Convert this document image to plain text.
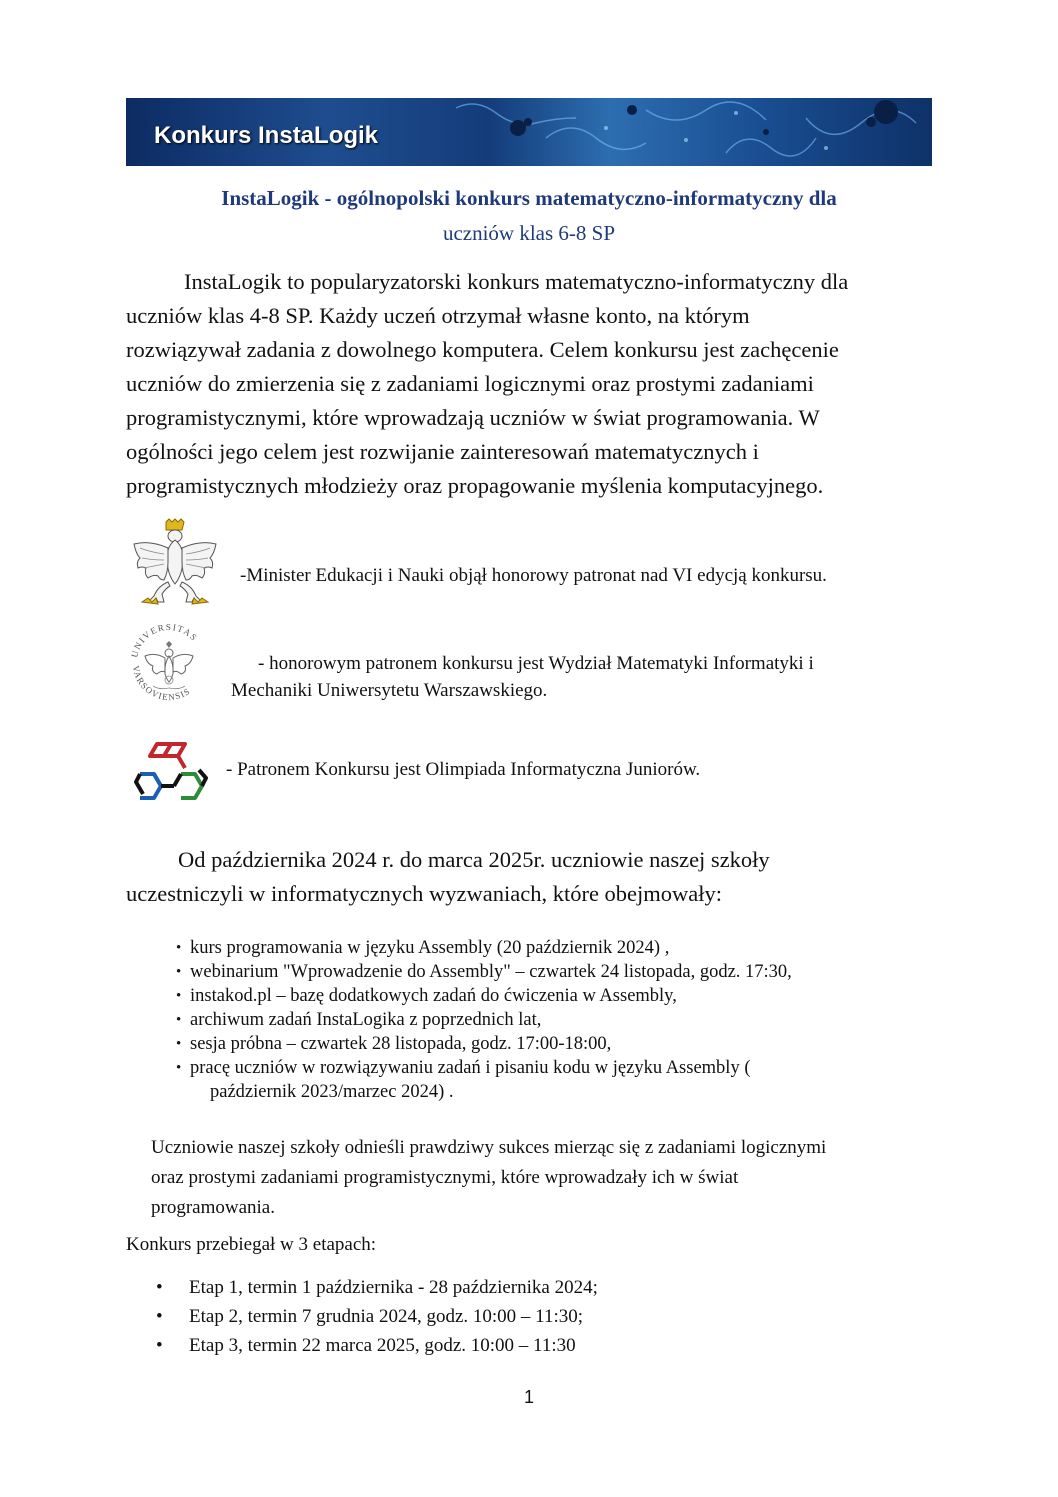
Konkurs InstaLogik
InstaLogik - ogólnopolski konkurs matematyczno-informatyczny dla
uczniów klas 6-8 SP
InstaLogik to popularyzatorski konkurs matematyczno-informatyczny dla
uczniów klas 4-8 SP. Każdy uczeń otrzymał własne konto, na którym
rozwiązywał zadania z dowolnego komputera. Celem konkursu jest zachęcenie
uczniów do zmierzenia się z zadaniami logicznymi oraz prostymi zadaniami
programistycznymi, które wprowadzają uczniów w świat programowania. W
ogólności jego celem jest rozwijanie zainteresowań matematycznych i
programistycznych młodzieży oraz propagowanie myślenia komputacyjnego.
-Minister Edukacji i Nauki objął honorowy patronat nad VI edycją konkursu.
UNIVERSITAS
VARSOVIENSIS
- honorowym patronem konkursu jest Wydział Matematyki Informatyki i
Mechaniki Uniwersytetu Warszawskiego.
- Patronem Konkursu jest Olimpiada Informatyczna Juniorów.
Od października 2024 r. do marca 2025r. uczniowie naszej szkoły
uczestniczyli w informatycznych wyzwaniach, które obejmowały:
• kurs programowania w języku Assembly (20 październik 2024) ,
• webinarium "Wprowadzenie do Assembly" – czwartek 24 listopada, godz. 17:30,
• instakod.pl – bazę dodatkowych zadań do ćwiczenia w Assembly,
• archiwum zadań InstaLogika z poprzednich lat,
• sesja próbna – czwartek 28 listopada, godz. 17:00-18:00,
• pracę uczniów w rozwiązywaniu zadań i pisaniu kodu w języku Assembly (
październik 2023/marzec 2024) .
Uczniowie naszej szkoły odnieśli prawdziwy sukces mierząc się z zadaniami logicznymi
oraz prostymi zadaniami programistycznymi, które wprowadzały ich w świat
programowania.
Konkurs przebiegał w 3 etapach:
• Etap 1, termin 1 października - 28 października 2024;
• Etap 2, termin 7 grudnia 2024, godz. 10:00 – 11:30;
• Etap 3, termin 22 marca 2025, godz. 10:00 – 11:30
1
